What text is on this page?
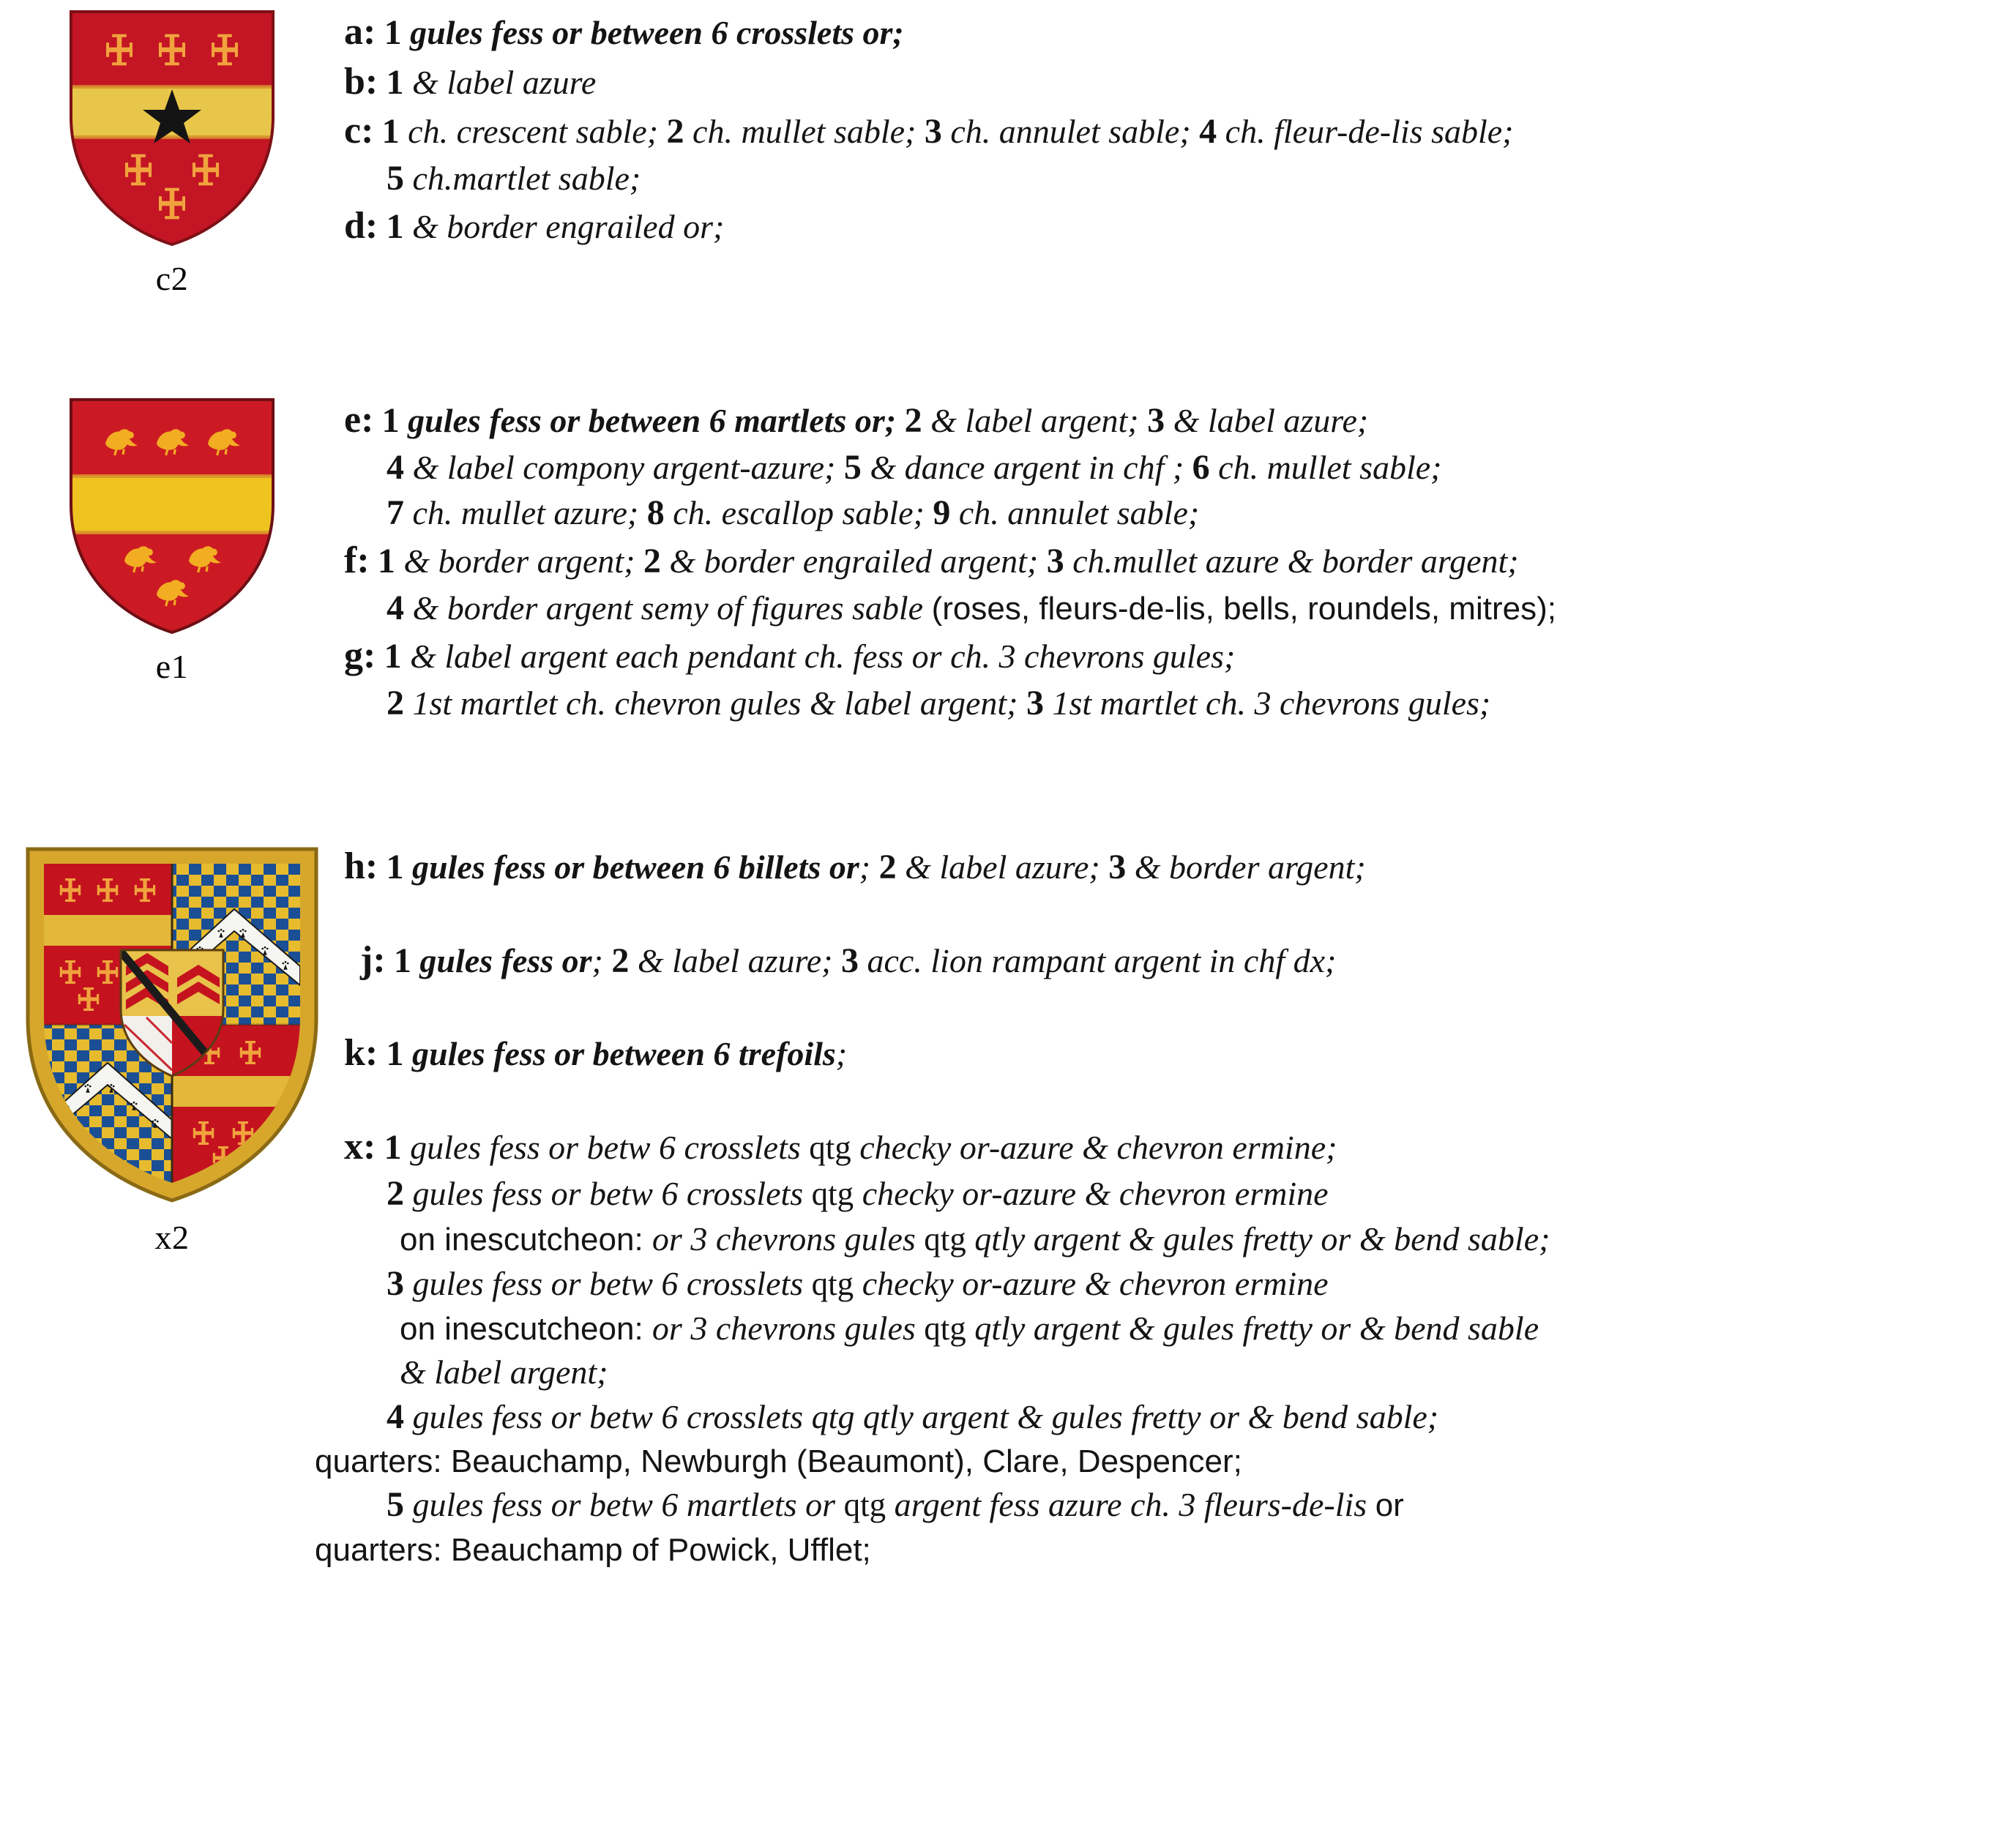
c2
a: 1 gules fess or between 6 crosslets or;
b: 1 & label azure
c: 1 ch. crescent sable; 2 ch. mullet sable; 3 ch. annulet sable; 4 ch. fleur-de-lis sable;
5 ch.martlet sable;
d: 1 & border engrailed or;
e1
e: 1 gules fess or between 6 martlets or; 2 & label argent; 3 & label azure;
4 & label compony argent-azure; 5 & dance argent in chf ; 6 ch. mullet sable;
7 ch. mullet azure; 8 ch. escallop sable; 9 ch. annulet sable;
f: 1 & border argent; 2 & border engrailed argent; 3 ch.mullet azure & border argent;
4 & border argent semy of figures sable (roses, fleurs-de-lis, bells, roundels, mitres);
g: 1 & label argent each pendant ch. fess or ch. 3 chevrons gules;
2 1st martlet ch. chevron gules & label argent; 3 1st martlet ch. 3 chevrons gules;
x2
h: 1 gules fess or between 6 billets or; 2 & label azure; 3 & border argent;
j: 1 gules fess or; 2 & label azure; 3 acc. lion rampant argent in chf dx;
k: 1 gules fess or between 6 trefoils;
x: 1 gules fess or betw 6 crosslets qtg checky or-azure & chevron ermine;
2 gules fess or betw 6 crosslets qtg checky or-azure & chevron ermine
on inescutcheon: or 3 chevrons gules qtg qtly argent & gules fretty or & bend sable;
3 gules fess or betw 6 crosslets qtg checky or-azure & chevron ermine
on inescutcheon: or 3 chevrons gules qtg qtly argent & gules fretty or & bend sable
& label argent;
4 gules fess or betw 6 crosslets qtg qtly argent & gules fretty or & bend sable;
quarters: Beauchamp, Newburgh (Beaumont), Clare, Despencer;
5 gules fess or betw 6 martlets or qtg argent fess azure ch. 3 fleurs-de-lis or
quarters: Beauchamp of Powick, Ufflet;
